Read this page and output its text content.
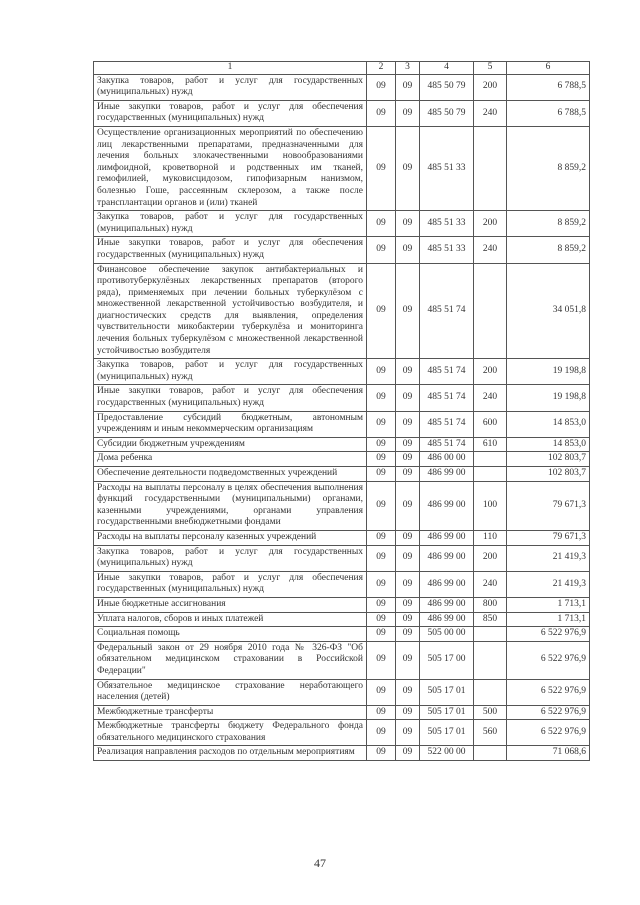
1	2	3	4	5	6
Закупка товаров, работ и услуг для государственных (муниципальных) нужд	09	09	485 50 79	200	6 788,5
Иные закупки товаров, работ и услуг для обеспечения государственных (муниципальных) нужд	09	09	485 50 79	240	6 788,5
Осуществление организационных мероприятий по обеспечению лиц лекарственными препаратами, предназначенными для лечения больных злокачественными новообразованиями лимфоидной, кроветворной и родственных им тканей, гемофилией, муковисцидозом, гипофизарным нанизмом, болезнью Гоше, рассеянным склерозом, а также после трансплантации органов и (или) тканей	09	09	485 51 33		8 859,2
Закупка товаров, работ и услуг для государственных (муниципальных) нужд	09	09	485 51 33	200	8 859,2
Иные закупки товаров, работ и услуг для обеспечения государственных (муниципальных) нужд	09	09	485 51 33	240	8 859,2
Финансовое обеспечение закупок антибактериальных и противотуберкулёзных лекарственных препаратов (второго ряда), применяемых при лечении больных туберкулёзом с множественной лекарственной устойчивостью возбудителя, и диагностических средств для выявления, определения чувствительности микобактерии туберкулёза и мониторинга лечения больных туберкулёзом с множественной лекарственной устойчивостью возбудителя	09	09	485 51 74		34 051,8
Закупка товаров, работ и услуг для государственных (муниципальных) нужд	09	09	485 51 74	200	19 198,8
Иные закупки товаров, работ и услуг для обеспечения государственных (муниципальных) нужд	09	09	485 51 74	240	19 198,8
Предоставление субсидий бюджетным, автономным учреждениям и иным некоммерческим организациям	09	09	485 51 74	600	14 853,0
Субсидии бюджетным учреждениям	09	09	485 51 74	610	14 853,0
Дома ребенка	09	09	486 00 00		102 803,7
Обеспечение деятельности подведомственных учреждений	09	09	486 99 00		102 803,7
Расходы на выплаты персоналу в целях обеспечения выполнения функций государственными (муниципальными) органами, казенными учреждениями, органами управления государственными внебюджетными фондами	09	09	486 99 00	100	79 671,3
Расходы на выплаты персоналу казенных учреждений	09	09	486 99 00	110	79 671,3
Закупка товаров, работ и услуг для государственных (муниципальных) нужд	09	09	486 99 00	200	21 419,3
Иные закупки товаров, работ и услуг для обеспечения государственных (муниципальных) нужд	09	09	486 99 00	240	21 419,3
Иные бюджетные ассигнования	09	09	486 99 00	800	1 713,1
Уплата налогов, сборов и иных платежей	09	09	486 99 00	850	1 713,1
Социальная помощь	09	09	505 00 00		6 522 976,9
Федеральный закон от 29 ноября 2010 года № 326-ФЗ "Об обязательном медицинском страховании в Российской Федерации"	09	09	505 17 00		6 522 976,9
Обязательное медицинское страхование неработающего населения (детей)	09	09	505 17 01		6 522 976,9
Межбюджетные трансферты	09	09	505 17 01	500	6 522 976,9
Межбюджетные трансферты бюджету Федерального фонда обязательного медицинского страхования	09	09	505 17 01	560	6 522 976,9
Реализация направления расходов по отдельным мероприятиям	09	09	522 00 00		71 068,6
47
